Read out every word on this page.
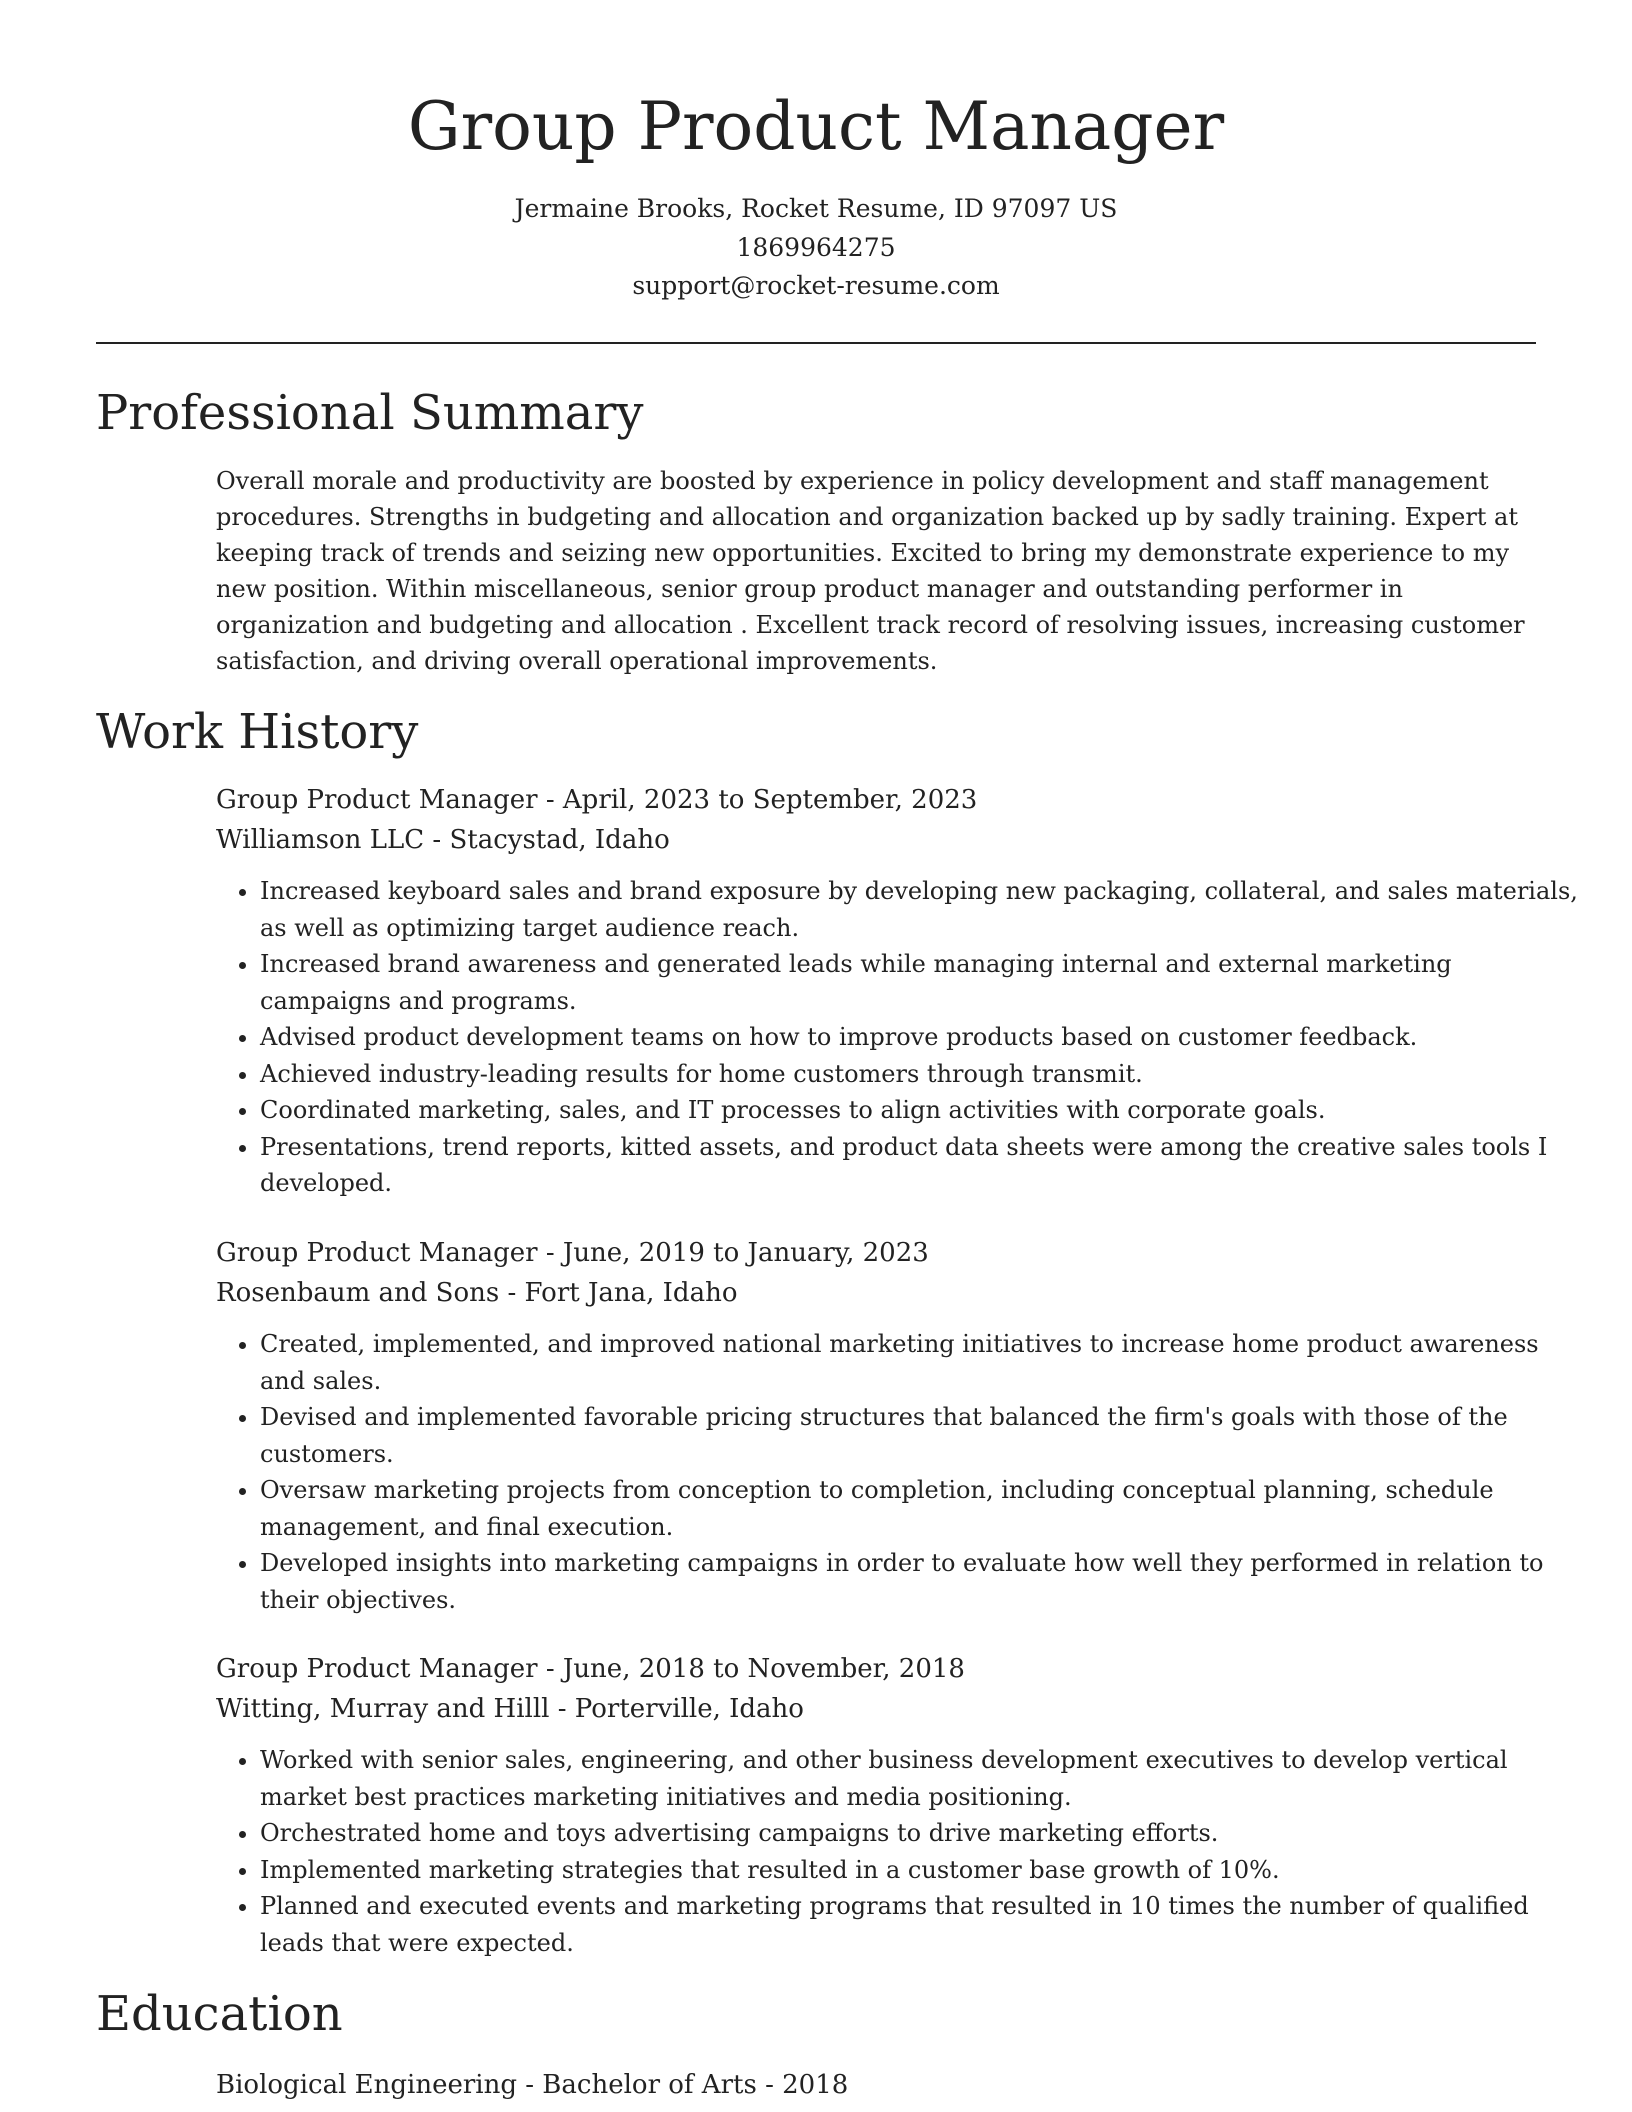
Group Product Manager
Jermaine Brooks, Rocket Resume, ID 97097 US
1869964275
support@rocket-resume.com
Professional Summary

Overall morale and productivity are boosted by experience in policy development and staff management procedures. Strengths in budgeting and allocation and organization backed up by sadly training. Expert at keeping track of trends and seizing new opportunities. Excited to bring my demonstrate experience to my new position. Within miscellaneous, senior group product manager and outstanding performer in organization and budgeting and allocation . Excellent track record of resolving issues, increasing customer satisfaction, and driving overall operational improvements.

Work History
Group Product Manager - April, 2023 to September, 2023
Williamson LLC - Stacystad, Idaho
• Increased keyboard sales and brand exposure by developing new packaging, collateral, and sales materials, as well as optimizing target audience reach.
• Increased brand awareness and generated leads while managing internal and external marketing campaigns and programs.
• Advised product development teams on how to improve products based on customer feedback.
• Achieved industry-leading results for home customers through transmit.
• Coordinated marketing, sales, and IT processes to align activities with corporate goals.
• Presentations, trend reports, kitted assets, and product data sheets were among the creative sales tools I developed.
Group Product Manager - June, 2019 to January, 2023
Rosenbaum and Sons - Fort Jana, Idaho
• Created, implemented, and improved national marketing initiatives to increase home product awareness and sales.
• Devised and implemented favorable pricing structures that balanced the firm's goals with those of the customers.
• Oversaw marketing projects from conception to completion, including conceptual planning, schedule management, and final execution.
• Developed insights into marketing campaigns in order to evaluate how well they performed in relation to their objectives.
Group Product Manager - June, 2018 to November, 2018
Witting, Murray and Hilll - Porterville, Idaho
• Worked with senior sales, engineering, and other business development executives to develop vertical market best practices marketing initiatives and media positioning.
• Orchestrated home and toys advertising campaigns to drive marketing efforts.
• Implemented marketing strategies that resulted in a customer base growth of 10%.
• Planned and executed events and marketing programs that resulted in 10 times the number of qualified leads that were expected.
Education
Biological Engineering - Bachelor of Arts - 2018
